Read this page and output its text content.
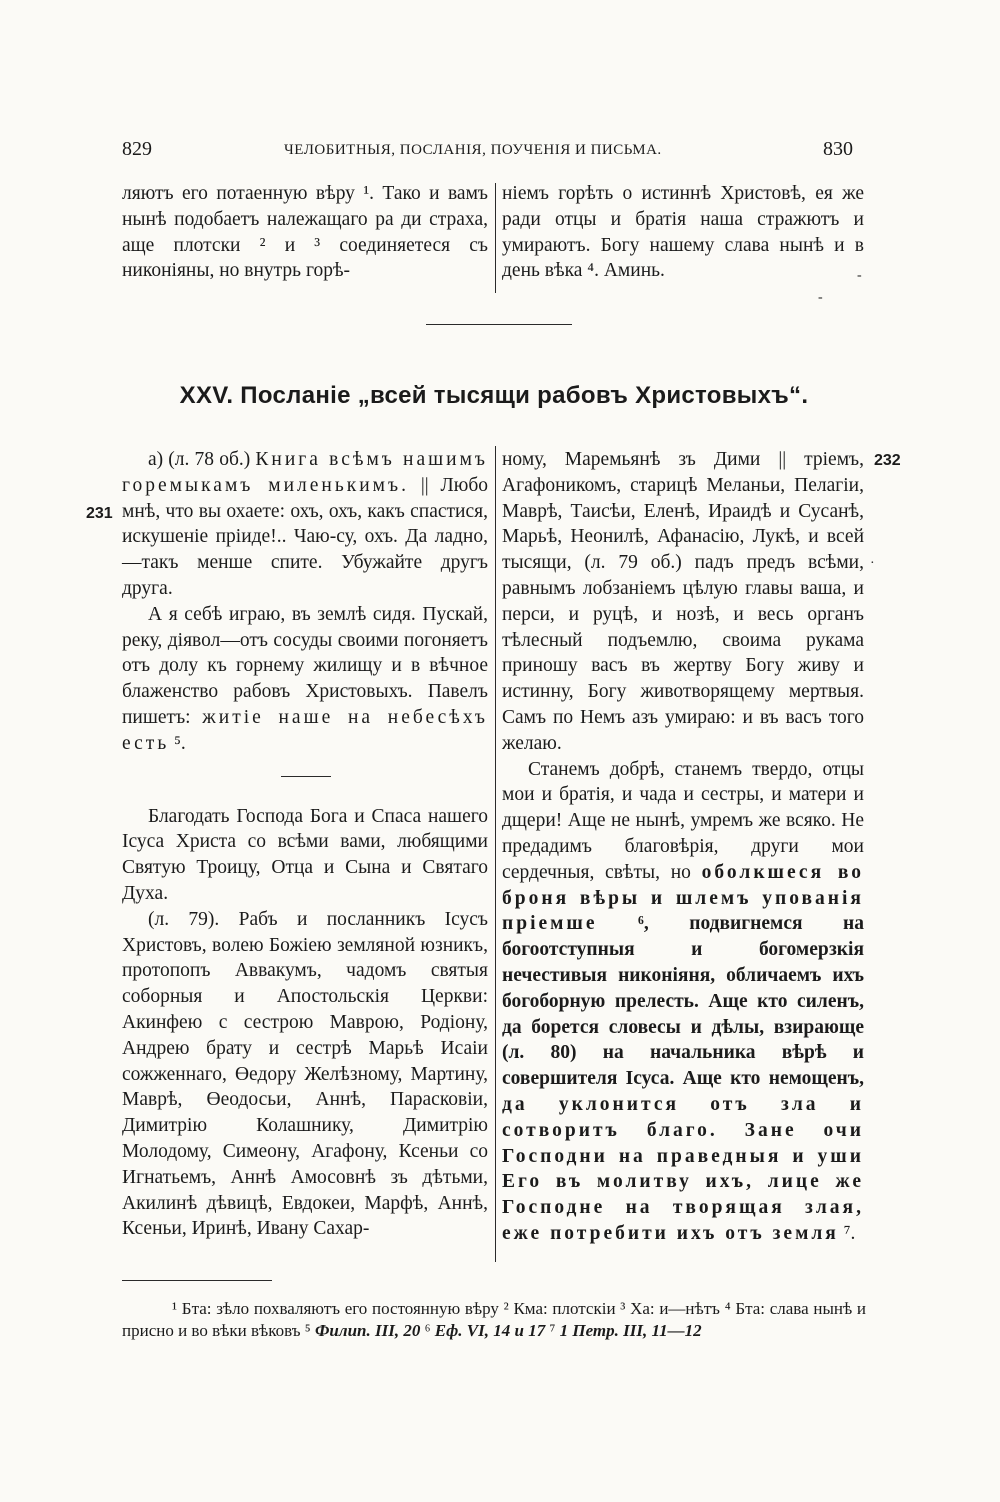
829	ЧЕЛОБИТНЫЯ, ПОСЛАНІЯ, ПОУЧЕНІЯ И ПИСЬМА.	830

ляютъ его потаенную вѣру ¹. Тако и вамъ нынѣ подобаетъ належащаго ра ди страха, аще плотски ² и ³ соединяетеся съ никоніяны, но внутрь горѣ-

ніемъ горѣть о истиннѣ Христовѣ, ея же ради отцы и братія наша стражютъ и умираютъ. Богу нашему слава нынѣ и в день вѣка ⁴. Аминь.	-
-
XXV. Посланіе „всей тысящи рабовъ Христовыхъ“.
231
232

а) (л. 78 об.) Книга всѣмъ нашимъ горемыкамъ миленькимъ. || Любо мнѣ, что вы охаете: охъ, охъ, какъ спастися, искушеніе пріиде!.. Чаю-су, охъ. Да ладно,—такъ менше спите. Убужайте другъ друга.

А я себѣ играю, въ землѣ сидя. Пускай, реку, діявол—отъ сосуды своими погоняетъ отъ долу къ горнему жилищу и в вѣчное блаженство рабовъ Христовыхъ. Павелъ пишетъ: житіе наше на небесѣхъ есть ⁵.

Благодать Господа Бога и Спаса нашего Ісуса Христа со всѣми вами, любящими Святую Троицу, Отца и Сына и Святаго Духа.

(л. 79). Рабъ и посланникъ Ісусъ Христовъ, волею Божіею земляной юзникъ, протопопъ Аввакумъ, чадомъ святыя соборныя и Апостольскія Церкви: Акинфею с сестрою Маврою, Родіону, Андрею брату и сестрѣ Марьѣ Исаіи сожженнаго, Өедору Желѣзному, Мартину, Маврѣ, Өеодосьи, Аннѣ, Парасковіи, Димитрію Колашнику, Димитрію Молодому, Симеону, Агафону, Ксеньи со Игнатьемъ, Аннѣ Амосовнѣ зъ дѣтьми, Акилинѣ дѣвицѣ, Евдокеи, Марфѣ, Аннѣ, Ксеньи, Иринѣ, Ивану Сахар-

ному, Маремьянѣ зъ Дими || тріемъ, Агафоникомъ, старицѣ Меланьи, Пелагіи, Маврѣ, Таисѣи, Еленѣ, Ираидѣ и Сусанѣ, Марьѣ, Неонилѣ, Афанасію, Лукѣ, и всей тысящи, (л. 79 об.) падъ предъ всѣми, равнымъ лобзаніемъ цѣлую главы ваша, и перси, и руцѣ, и нозѣ, и весь органъ тѣлесный подъемлю, своима рукама приношу васъ въ жертву Богу живу и истинну, Богу животворящему мертвыя. Самъ по Немъ азъ умираю: и въ васъ того желаю.

Станемъ добрѣ, станемъ твердо, отцы мои и братія, и чада и сестры, и матери и дщери! Аще не нынѣ, умремъ же всяко. Не предадимъ благовѣрія, други мои сердечныя, свѣты, но оболкшеся во броня вѣры и шлемъ упованія пріемше ⁶, подвигнемся на богоотступныя и богомерзкія нечестивыя никоніяня, обличаемъ ихъ богоборную прелесть. Аще кто силенъ, да борется словесы и дѣлы, взирающе (л. 80) на начальника вѣрѣ и совершителя Ісуса. Аще кто немощенъ, да уклонится отъ зла и сотворитъ благо. Зане очи Господни на праведныя и уши Его въ молитву ихъ, лице же Господне на творящая злая, еже потребити ихъ отъ земля ⁷.

·

¹ Бта: зѣло похваляютъ его постоянную вѣру ² Кма: плотскіи ³ Ха: и—нѣтъ ⁴ Бта: слава нынѣ и присно и во вѣки вѣковъ ⁵ Филип. III, 20 ⁶ Еф. VI, 14 и 17 ⁷ 1 Петр. III, 11—12
